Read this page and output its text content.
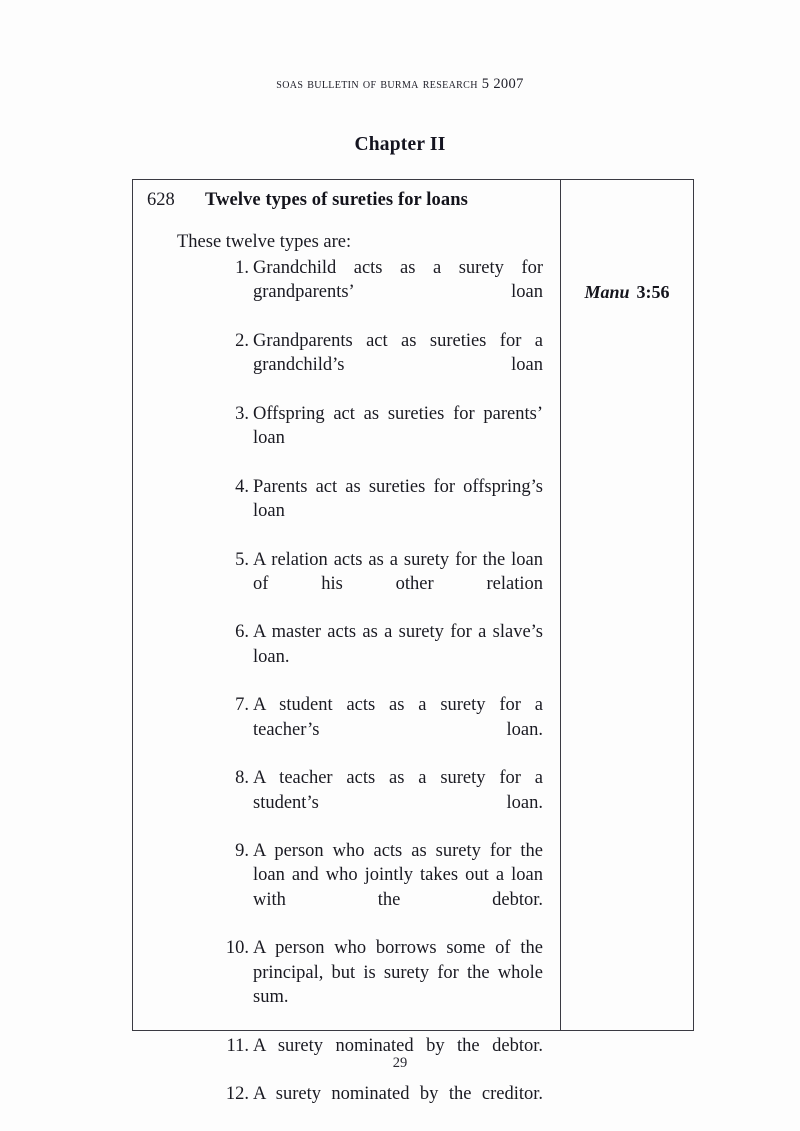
soas bulletin of burma research 5 2007
Chapter II
628	Twelve types of sureties for loans
These twelve types are:
1. Grandchild acts as a surety for grandparents’ loan
2. Grandparents act as sureties for a grandchild’s loan
3. Offspring act as sureties for parents’ loan
4. Parents act as sureties for offspring’s loan
5. A relation acts as a surety for the loan of his other relation
6. A master acts as a surety for a slave’s loan.
7. A student acts as a surety for a teacher’s loan.
8. A teacher acts as a surety for a student’s loan.
9. A person who acts as surety for the loan and who jointly takes out a loan with the debtor.
10. A person who borrows some of the principal, but is surety for the whole sum.
11. A surety nominated by the debtor.
12. A surety nominated by the creditor.
Manu 3:56
29
